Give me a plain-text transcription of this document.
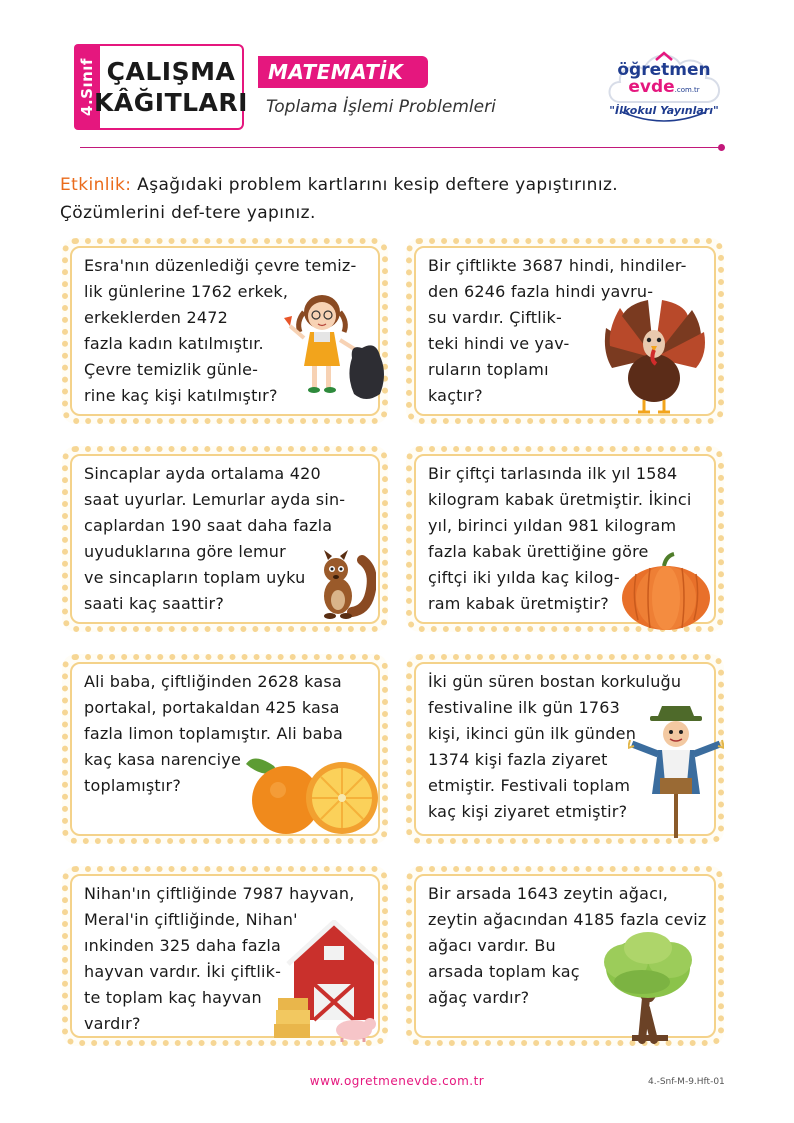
4.Sınıf ÇALIŞMA
KÂĞITLARI
MATEMATİK
Toplama İşlemi Problemleri
öğretmen
evde.com.tr
"İlkokul Yayınları"
Etkinlik: Aşağıdaki problem kartlarını kesip deftere yapıştırınız. Çözümlerini def-tere yapınız.
Esra'nın düzenlediği çevre temiz-
lik günlerine 1762 erkek,
erkeklerden 2472
fazla kadın katılmıştır.
Çevre temizlik günle-
rine kaç kişi katılmıştır?
Bir çiftlikte 3687 hindi, hindiler-
den 6246 fazla hindi yavru-
su vardır. Çiftlik-
teki hindi ve yav-
ruların toplamı
kaçtır?
Sincaplar ayda ortalama 420
saat uyurlar. Lemurlar ayda sin-
caplardan 190 saat daha fazla
uyuduklarına göre lemur
ve sincapların toplam uyku
saati kaç saattir?
Bir çiftçi tarlasında ilk yıl 1584
kilogram kabak üretmiştir. İkinci
yıl, birinci yıldan 981 kilogram
fazla kabak ürettiğine göre
çiftçi iki yılda kaç kilog-
ram kabak üretmiştir?
Ali baba, çiftliğinden 2628 kasa
portakal, portakaldan 425 kasa
fazla limon toplamıştır. Ali baba
kaç kasa narenciye
toplamıştır?
İki gün süren bostan korkuluğu
festivaline ilk gün 1763
kişi, ikinci gün ilk günden
1374 kişi fazla ziyaret
etmiştir. Festivali toplam
kaç kişi ziyaret etmiştir?
Nihan'ın çiftliğinde 7987 hayvan,
Meral'in çiftliğinde, Nihan'
ınkinden 325 daha fazla
hayvan vardır. İki çiftlik-
te toplam kaç hayvan
vardır?
Bir arsada 1643 zeytin ağacı,
zeytin ağacından 4185 fazla ceviz
ağacı vardır. Bu
arsada toplam kaç
ağaç vardır?
www.ogretmenevde.com.tr	4.-Snf-M-9.Hft-01
